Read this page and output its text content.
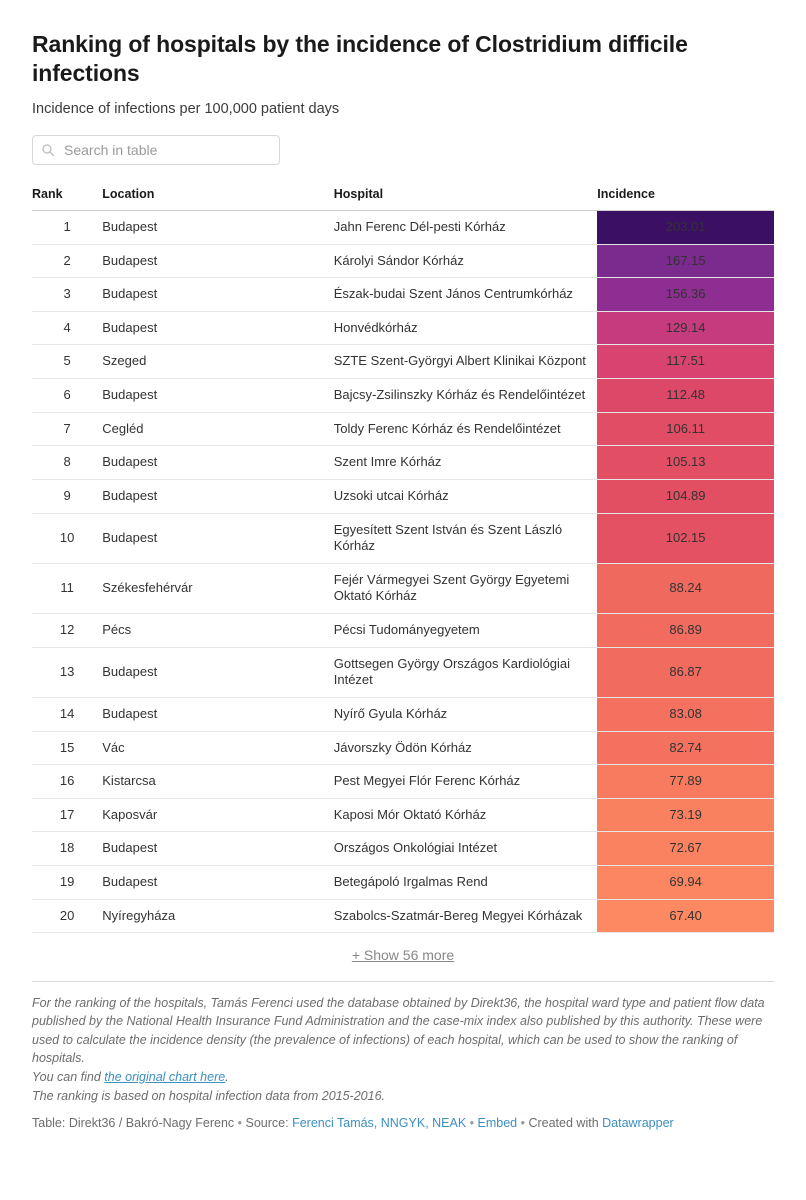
Ranking of hospitals by the incidence of Clostridium difficile infections
Incidence of infections per 100,000 patient days
Search in table
Rank	Location	Hospital	Incidence
1	Budapest	Jahn Ferenc Dél-pesti Kórház	203.01
2	Budapest	Károlyi Sándor Kórház	167.15
3	Budapest	Észak-budai Szent János Centrumkórház	156.36
4	Budapest	Honvédkórház	129.14
5	Szeged	SZTE Szent-Györgyi Albert Klinikai Központ	117.51
6	Budapest	Bajcsy-Zsilinszky Kórház és Rendelőintézet	112.48
7	Cegléd	Toldy Ferenc Kórház és Rendelőintézet	106.11
8	Budapest	Szent Imre Kórház	105.13
9	Budapest	Uzsoki utcai Kórház	104.89
10	Budapest	Egyesített Szent István és Szent László Kórház	102.15
11	Székesfehérvár	Fejér Vármegyei Szent György Egyetemi Oktató Kórház	88.24
12	Pécs	Pécsi Tudományegyetem	86.89
13	Budapest	Gottsegen György Országos Kardiológiai Intézet	86.87
14	Budapest	Nyírő Gyula Kórház	83.08
15	Vác	Jávorszky Ödön Kórház	82.74
16	Kistarcsa	Pest Megyei Flór Ferenc Kórház	77.89
17	Kaposvár	Kaposi Mór Oktató Kórház	73.19
18	Budapest	Országos Onkológiai Intézet	72.67
19	Budapest	Betegápoló Irgalmas Rend	69.94
20	Nyíregyháza	Szabolcs-Szatmár-Bereg Megyei Kórházak	67.40
+ Show 56 more

For the ranking of the hospitals, Tamás Ferenci used the database obtained by Direkt36, the hospital ward type and patient flow data published by the National Health Insurance Fund Administration and the case-mix index also published by this authority. These were used to calculate the incidence density (the prevalence of infections) of each hospital, which can be used to show the ranking of hospitals.

You can find the original chart here.

The ranking is based on hospital infection data from 2015-2016.

Table: Direkt36 / Bakró-Nagy Ferenc • Source: Ferenci Tamás, NNGYK, NEAK • Embed • Created with Datawrapper
